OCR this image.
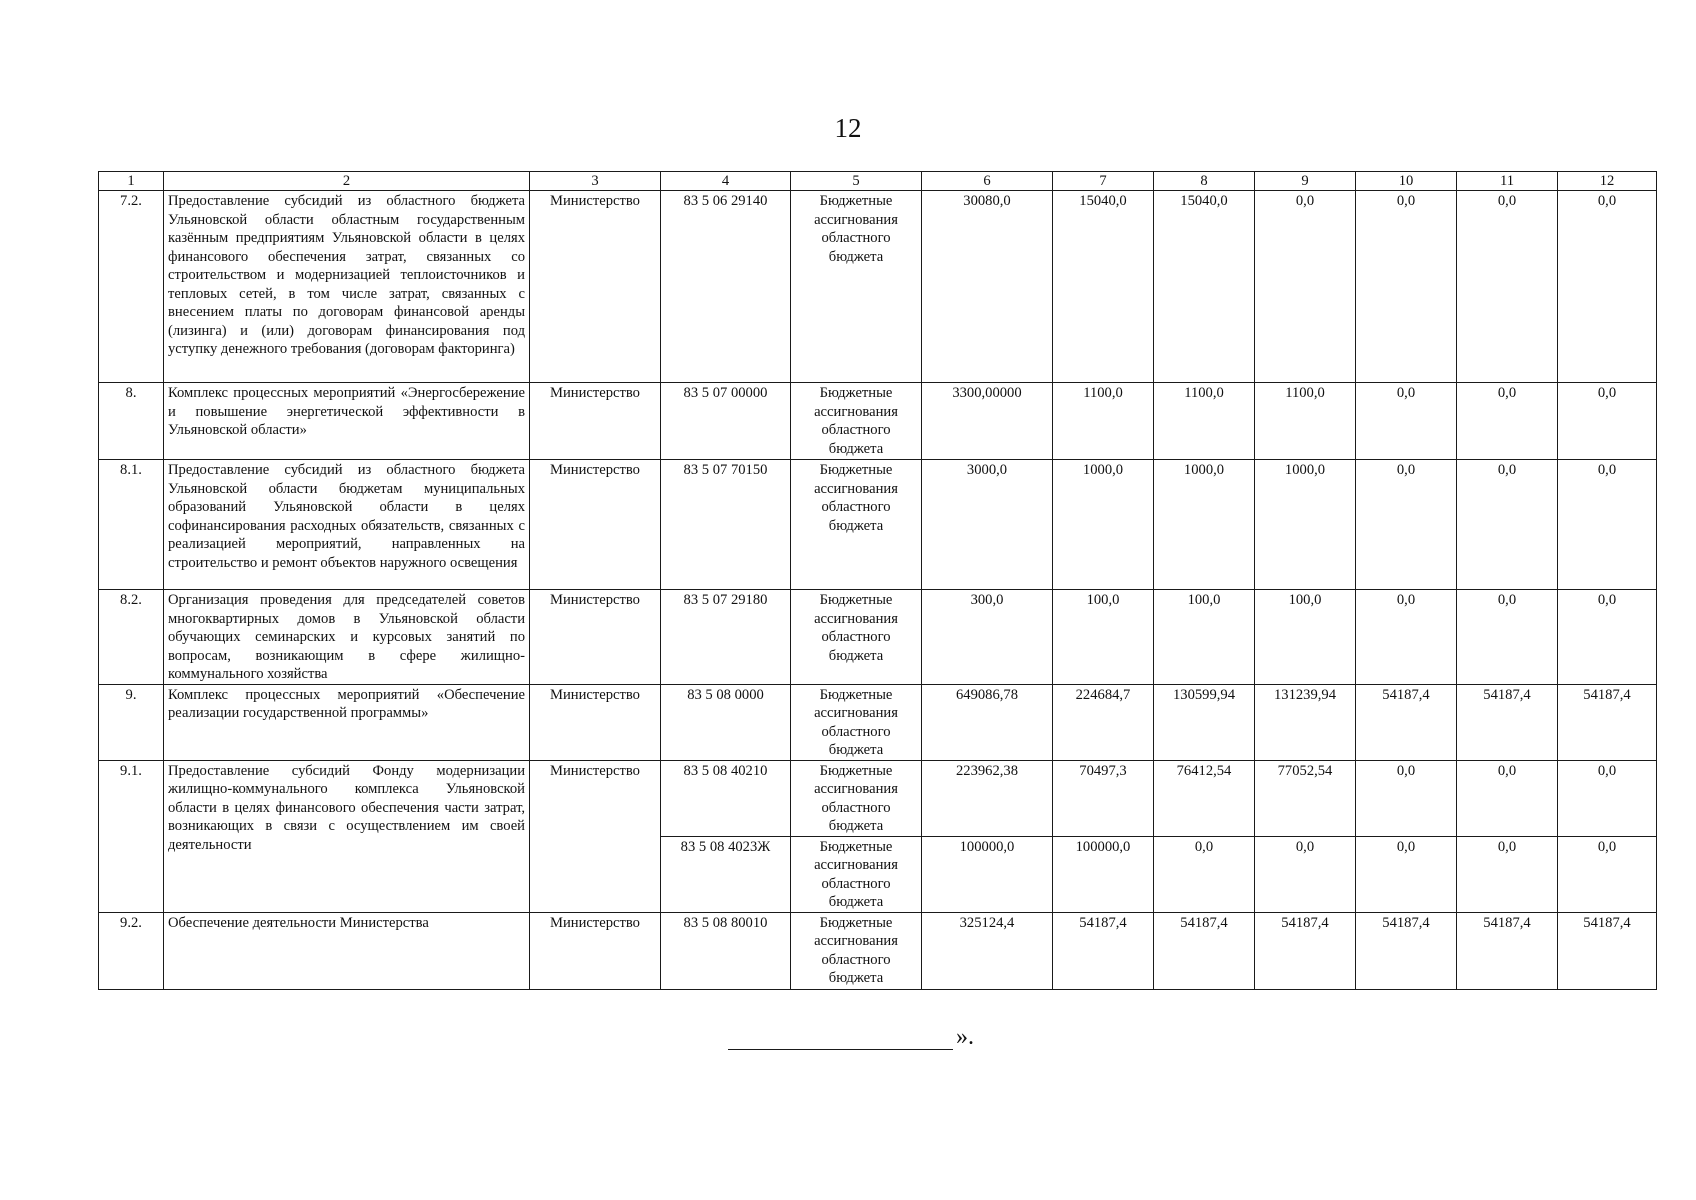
12
1	2	3	4	5	6	7	8	9	10	11	12
7.2.	Предоставление субсидий из областного бюджета Ульяновской области областным государственным казённым предприятиям Ульяновской области в целях финансового обеспечения затрат, связанных со строительством и модернизацией теплоисточников и тепловых сетей, в том числе затрат, связанных с внесением платы по договорам финансовой аренды (лизинга) и (или) договорам финансирования под уступку денежного требования (договорам факторинга)	Министерство	83 5 06 29140	Бюджетные ассигнования областного бюджета	30080,0	15040,0	15040,0	0,0	0,0	0,0	0,0
8.	Комплекс процессных мероприятий «Энергосбережение и повышение энергетической эффективности в Ульяновской области»	Министерство	83 5 07 00000	Бюджетные ассигнования областного бюджета	3300,00000	1100,0	1100,0	1100,0	0,0	0,0	0,0
8.1.	Предоставление субсидий из областного бюджета Ульяновской области бюджетам муниципальных образований Ульяновской области в целях софинансирования расходных обязательств, связанных с реализацией мероприятий, направленных на строительство и ремонт объектов наружного освещения	Министерство	83 5 07 70150	Бюджетные ассигнования областного бюджета	3000,0	1000,0	1000,0	1000,0	0,0	0,0	0,0
8.2.	Организация проведения для председателей советов многоквартирных домов в Ульяновской области обучающих семинарских и курсовых занятий по вопросам, возникающим в сфере жилищно-коммунального хозяйства	Министерство	83 5 07 29180	Бюджетные ассигнования областного бюджета	300,0	100,0	100,0	100,0	0,0	0,0	0,0
9.	Комплекс процессных мероприятий «Обеспечение реализации государственной программы»	Министерство	83 5 08 0000	Бюджетные ассигнования областного бюджета	649086,78	224684,7	130599,94	131239,94	54187,4	54187,4	54187,4
9.1.	Предоставление субсидий Фонду модернизации жилищно-коммунального комплекса Ульяновской области в целях финансового обеспечения части затрат, возникающих в связи с осуществлением им своей деятельности	Министерство	83 5 08 40210	Бюджетные ассигнования областного бюджета	223962,38	70497,3	76412,54	77052,54	0,0	0,0	0,0
			83 5 08 4023Ж	Бюджетные ассигнования областного бюджета	100000,0	100000,0	0,0	0,0	0,0	0,0	0,0
9.2.	Обеспечение деятельности Министерства	Министерство	83 5 08 80010	Бюджетные ассигнования областного бюджета	325124,4	54187,4	54187,4	54187,4	54187,4	54187,4	54187,4
».
